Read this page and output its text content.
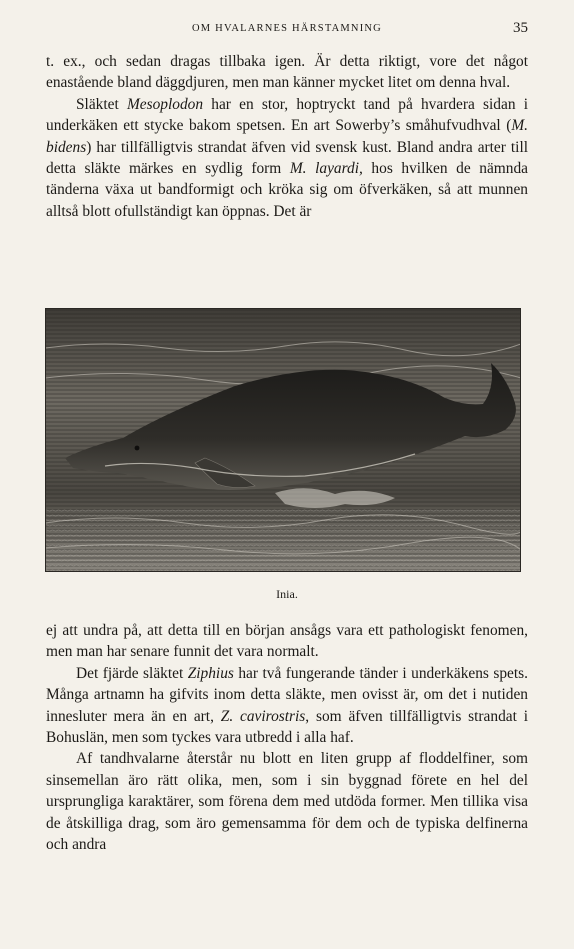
OM HVALARNES HÄRSTAMNING	35

t. ex., och sedan dragas tillbaka igen. Är detta riktigt, vore det något enastående bland däggdjuren, men man känner mycket litet om denna hval.

Släktet Mesoplodon har en stor, hoptryckt tand på hvardera sidan i underkäken ett stycke bakom spetsen. En art Sowerby’s småhufvudhval (M. bidens) har tillfälligtvis strandat äfven vid svensk kust. Bland andra arter till detta släkte märkes en sydlig form M. layardi, hos hvilken de nämnda tänderna växa ut bandformigt och kröka sig om öfverkäken, så att munnen alltså blott ofullständigt kan öppnas. Det är

Inia.

ej att undra på, att detta till en början ansågs vara ett pathologiskt fenomen, men man har senare funnit det vara normalt.

Det fjärde släktet Ziphius har två fungerande tänder i underkäkens spets. Många artnamn ha gifvits inom detta släkte, men ovisst är, om det i nutiden innesluter mera än en art, Z. cavirostris, som äfven tillfälligtvis strandat i Bohuslän, men som tyckes vara utbredd i alla haf.

Af tandhvalarne återstår nu blott en liten grupp af floddelfiner, som sinsemellan äro rätt olika, men, som i sin byggnad förete en hel del ursprungliga karaktärer, som förena dem med utdöda former. Men tillika visa de åtskilliga drag, som äro gemensamma för dem och de typiska delfinerna och andra
